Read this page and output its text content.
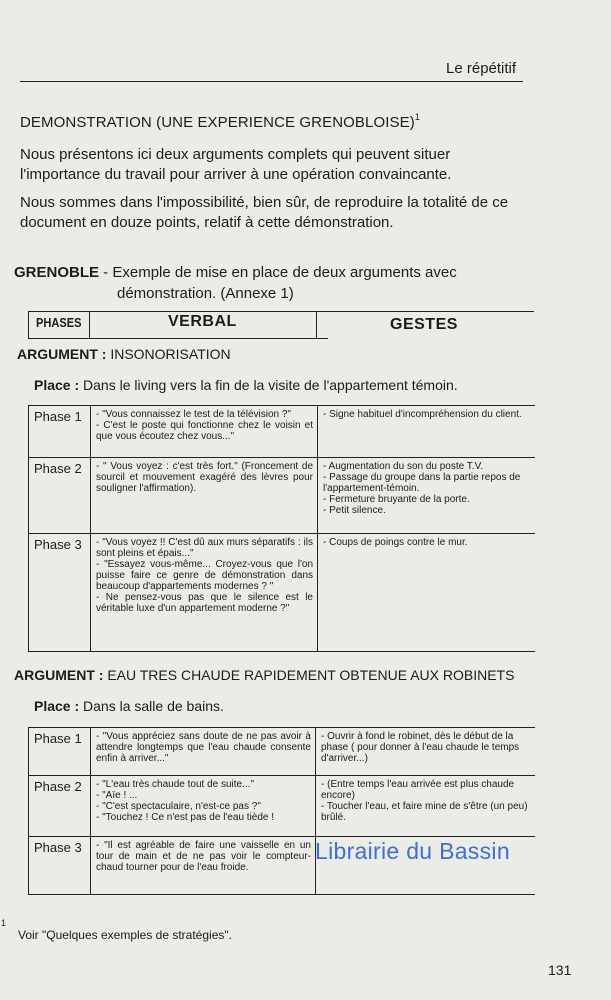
Le répétitif
DEMONSTRATION (UNE EXPERIENCE GRENOBLOISE)$^1$
Nous présentons ici deux arguments complets qui peuvent situer l'importance du travail pour arriver à une opération convaincante.
Nous sommes dans l'impossibilité, bien sûr, de reproduire la totalité de ce document en douze points, relatif à cette démonstration.
GRENOBLE - Exemple de mise en place de deux arguments avec
démonstration. (Annexe 1)
PHASES	VERBAL	GESTES
ARGUMENT : INSONORISATION
Place : Dans le living vers la fin de la visite de l'appartement témoin.
Phase 1	- "Vous connaissez le test de la télévision ?"
- C'est le poste qui fonctionne chez le voisin et que vous écoutez chez vous..."	- Signe habituel d'incompréhension du client.
Phase 2	- " Vous voyez : c'est très fort." (Froncement de sourcil et mouvement exagéré des lèvres pour souligner l'affirmation).	- Augmentation du son du poste T.V.
- Passage du groupe dans la partie repos de l'appartement-témoin.
- Fermeture bruyante de la porte.
- Petit silence.
Phase 3	- "Vous voyez !! C'est dû aux murs séparatifs : ils sont pleins et épais..."
- "Essayez vous-même... Croyez-vous que l'on puisse faire ce genre de démonstration dans beaucoup d'appartements modernes ? "
- Ne pensez-vous pas que le silence est le véritable luxe d'un appartement moderne ?"	- Coups de poings contre le mur.
ARGUMENT : EAU TRES CHAUDE RAPIDEMENT OBTENUE AUX ROBINETS
Place : Dans la salle de bains.
Phase 1	- "Vous appréciez sans doute de ne pas avoir à attendre longtemps que l'eau chaude consente enfin à arriver..."	- Ouvrir à fond le robinet, dès le début de la phase ( pour donner à l'eau chaude le temps d'arriver...)
Phase 2	- "L'eau très chaude tout de suite..."
- "Aïe ! ...
- "C'est spectaculaire, n'est-ce pas ?"
- "Touchez ! Ce n'est pas de l'eau tiède !	- (Entre temps l'eau arrivée est plus chaude encore)
- Toucher l'eau, et faire mine de s'être (un peu) brûlé.
Phase 3	- "Il est agréable de faire une vaisselle en un tour de main et de ne pas voir le compteur-chaud tourner pour de l'eau froide.	
Librairie du Bassin
1
Voir "Quelques exemples de stratégies".
131
